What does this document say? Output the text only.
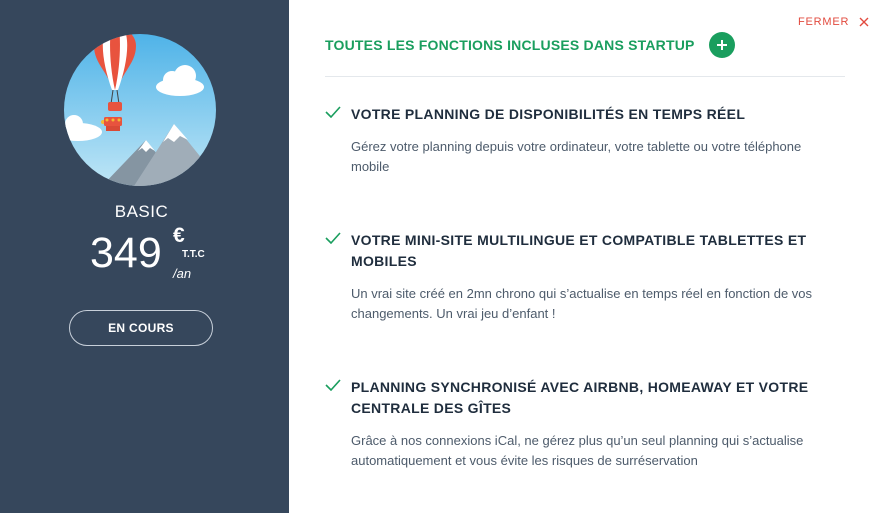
BASIC
349 €
T.T.C
/an
EN COURS
FERMER
TOUTES LES FONCTIONS INCLUSES DANS STARTUP
VOTRE PLANNING DE DISPONIBILITÉS EN TEMPS RÉEL
Gérez votre planning depuis votre ordinateur, votre tablette ou votre téléphone mobile
VOTRE MINI-SITE MULTILINGUE ET COMPATIBLE TABLETTES ET MOBILES
Un vrai site créé en 2mn chrono qui s’actualise en temps réel en fonction de vos changements. Un vrai jeu d’enfant !
PLANNING SYNCHRONISÉ AVEC AIRBNB, HOMEAWAY ET VOTRE CENTRALE DES GÎTES
Grâce à nos connexions iCal, ne gérez plus qu’un seul planning qui s’actualise automatiquement et vous évite les risques de surréservation
